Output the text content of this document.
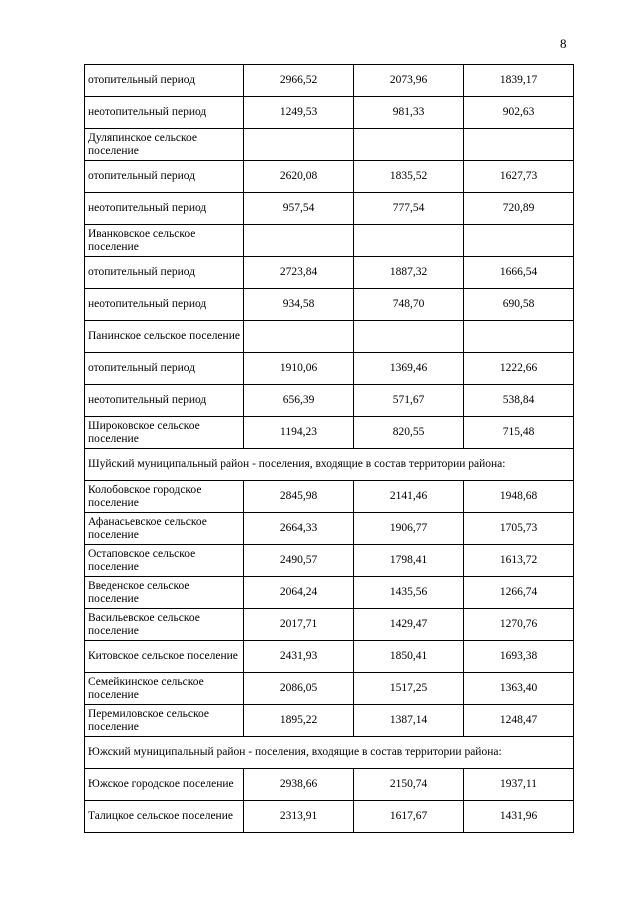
8
отопительный период	2966,52	2073,96	1839,17
неотопительный период	1249,53	981,33	902,63
Дуляпинское сельское поселение			
отопительный период	2620,08	1835,52	1627,73
неотопительный период	957,54	777,54	720,89
Иванковское сельское поселение			
отопительный период	2723,84	1887,32	1666,54
неотопительный период	934,58	748,70	690,58
Панинское сельское поселение			
отопительный период	1910,06	1369,46	1222,66
неотопительный период	656,39	571,67	538,84
Широковское сельское поселение	1194,23	820,55	715,48
Шуйский муниципальный район - поселения, входящие в состав территории района:			
Колобовское городское поселение	2845,98	2141,46	1948,68
Афанасьевское сельское поселение	2664,33	1906,77	1705,73
Остаповское сельское поселение	2490,57	1798,41	1613,72
Введенское сельское поселение	2064,24	1435,56	1266,74
Васильевское сельское поселение	2017,71	1429,47	1270,76
Китовское сельское поселение	2431,93	1850,41	1693,38
Семейкинское сельское поселение	2086,05	1517,25	1363,40
Перемиловское сельское поселение	1895,22	1387,14	1248,47
Южский муниципальный район - поселения, входящие в состав территории района:			
Южское городское поселение	2938,66	2150,74	1937,11
Талицкое сельское поселение	2313,91	1617,67	1431,96
